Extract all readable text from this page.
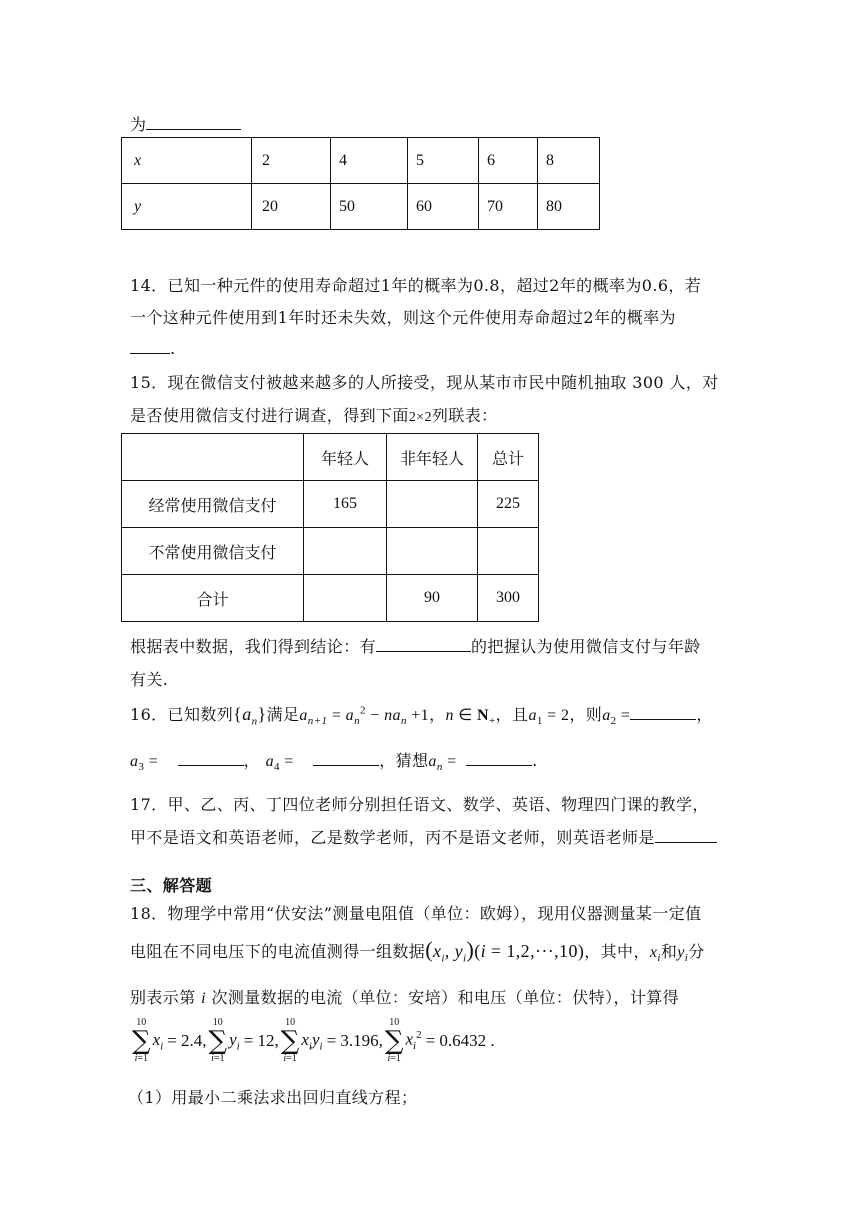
为
x	2	4	5	6	8
y	20	50	60	70	80
14．已知一种元件的使用寿命超过1年的概率为0.8，超过2年的概率为0.6，若
一个这种元件使用到1年时还未失效，则这个元件使用寿命超过2年的概率为
.
15．现在微信支付被越来越多的人所接受，现从某市市民中随机抽取 300 人，对
是否使用微信支付进行调查，得到下面2×2列联表：
	年轻人	非年轻人	总计
经常使用微信支付	165		225
不常使用微信支付			
合计		90	300
根据表中数据，我们得到结论：有	的把握认为使用微信支付与年龄
有关.
16．已知数列$\{a_n\}$满足$a_{n+1} = a_n^2 - na_n +1$，n ∈ $N_+$，且$a_1 = 2$，则$a_2$ =	，
$a_3$ =	， $a_4$ =	，猜想$a_n$ =	.
17．甲、乙、丙、丁四位老师分别担任语文、数学、英语、物理四门课的教学，
甲不是语文和英语老师，乙是数学老师，丙不是语文老师，则英语老师是
三、解答题
18．物理学中常用“伏安法”测量电阻值（单位：欧姆），现用仪器测量某一定值
电阻在不同电压下的电流值测得一组数据($x_i$, $y_i)(i = 1,2,\cdot\cdot\cdot,10)$，其中，$x_i$和$y_i$分
别表示第 i 次测量数据的电流（单位：安培）和电压（单位：伏特），计算得
10
∑
i=1
$x_i = 2.4$,
10
∑
i=1
$y_i = 12$,
10
∑
i=1
$x_iy_i = 3.196$,
10
∑
i=1
$x_i^2 = 0.6432$ .
（1）用最小二乘法求出回归直线方程；
